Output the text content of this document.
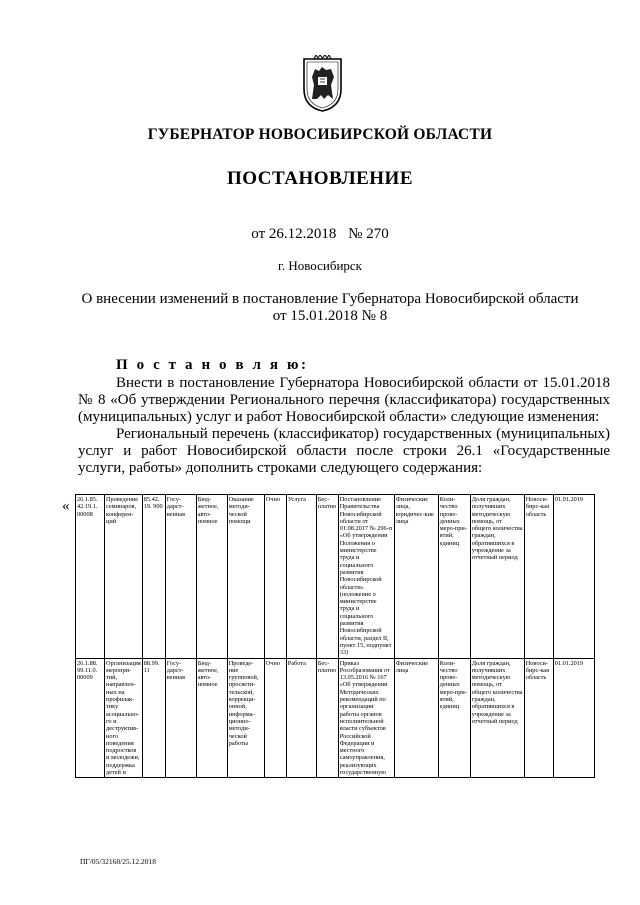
ГУБЕРНАТОР НОВОСИБИРСКОЙ ОБЛАСТИ
ПОСТАНОВЛЕНИЕ
от 26.12.2018 № 270
г. Новосибирск
О внесении изменений в постановление Губернатора Новосибирской области
от 15.01.2018 № 8
П о с т а н о в л я ю:
Внести в постановление Губернатора Новосибирской области от 15.01.2018 № 8 «Об утверждении Регионального перечня (классификатора) государственных (муниципальных) услуг и работ Новосибирской области» следующие изменения:
Региональный перечень (классификатор) государственных (муниципальных) услуг и работ Новосибирской области после строки 26.1 «Государственные услуги, работы» дополнить строками следующего содержания:
« 26.1.85. 42.19.1. 00008	Проведение семинаров, конферен-ций	85.42. 19. 900	Госу-дарст-венная	Бюд-жетное, авто-номное	Оказание методи-ческой помощи	Очно	Услуга	Бес-платно	Постановление Правительства Новосибирской области от 01.08.2017 № 296-п «Об утверждении Положения о министерстве труда и социального развития Новосибирской области» (положение о министерстве труда и социального развития Новосибирской области, раздел II, пункт 15, подпункт 33)	Физические лица, юридичес-кие лица	Коли-чество прове-денных меро-при-ятий, единиц	Доля граждан, получивших методическую помощь, от общего количества граждан, обратившихся в учреждение за отчетный период	Новоси-бирс-кая область	01.01.2019
26.1.88. 99.11.0. 00009	Организация меропри-тий, направлен-ных на профилак-тику асоциально-го и деструктив-ного поведения подростков и молодежи, поддержка детей и	88.99. 11	Госу-дарст-венная	Бюд-жетное, авто-номное	Проведе-ние групповой, просвети-тельской, коррекци-онной, информа-ционно-методи-ческой работы	Очно	Работа	Бес-платно	Приказ Рособразования от 13.05.2016 № 167 «Об утверждении Методических рекомендаций по организации работы органов исполнительной власти субъектов Российской Федерации и местного самоуправления, реализующих государственную	Физические лица	Коли-чество прове-денных меро-при-ятий, единиц	Доля граждан, получивших методическую помощь, от общего количества граждан, обратившихся в учреждение за отчетный период	Новоси-бирс-кая область	01.01.2019
ПГ/05/32168/25.12.2018
